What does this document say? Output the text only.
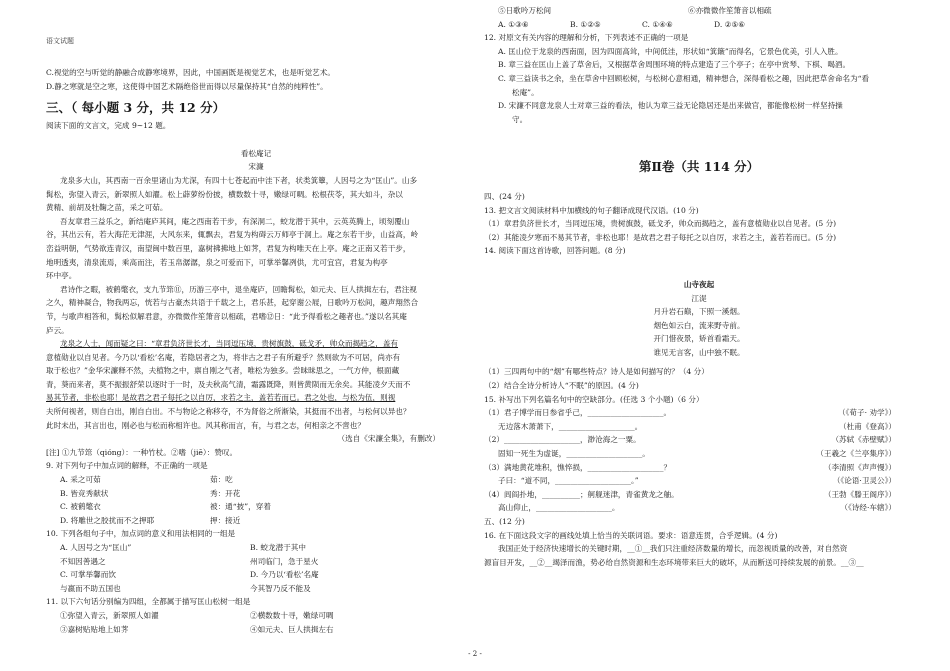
语文试题
C.视觉的空与听觉的静融合成静寒境界，因此，中国画既是视觉艺术，也是听觉艺术。
D.静之寒就是空之寒，这使得中国艺术隔绝俗世而得以尽量保持其“自然的纯粹性”。
三、（ 每小题 3 分，共 12 分）
阅读下面的文言文，完成 9~12 题。
看松庵记
宋濂
龙泉多大山，其西南一百余里诸山为尤深，有四十七苍起而中洼下者，状类箕簟，人因号之为“匡山”。山多
髯松，弥望入青云，新翠照人如濯。松上薜萝纷份披，横数数十寻，嫩绿可啁。松根茯苓，其大如斗，杂以
黄精、前胡及牡鞠之苗，采之可茹。
吾友章君三益乐之，新结庵庐其间，庵之西南若干步，有深洞二，蛟龙潜于其中，云英英腾上，顷刻覆山
谷，其出云有，若大海茫无津涯，大风东来，辄飘去，君复为构碍云万师亭于洞上。庵之东若干步，山益高，岭
峦益明朝，气势欲连青汉，南望闽中数百里，嘉树拂拂地上如荠，君复为构唯天在上亭。庵之正南又若干步，
地明透夷，清泉流焉，乘高而注，若玉帛潺潺，泉之可爱而下，可掌举馨冽供，尤可宜宫，君复为构亭
环中亭。
君诗作之暇，被鹤氅衣，支九节筇⑪，历游三亭中，退坐庵庐，回瞻髯松，如元夫、巨人拱揖左右，君注视
之久，精神凝合，物我两忘，恍若与古豪杰共语于千载之上，君乐甚，起穿谢公屐，日歌吟万松间，趣声翔然合
节，与歌声相答和，髯松似解君意，亦微微作笙箫音以相疏，君嗜⑫日：“此予得看松之趣者也。”遂以名其庵
庐云。
龙泉之人士，闻而疑之曰：“章君负济世长才，当同逗压境，贵树旗鼓，砥戈矛，帅众而揭趋之，盖有
意植勋业以自见者。今乃以‘看松’名庵，若隐居者之为，将非古之君子有所避乎？然则欲为不可居，尚亦有
取于松也？”金华宋濂释不然，夫植物之中，禀自刚之气者，唯松为独多。尝昧昧思之，一气方仲，根面藏
青，葵而来者，莫不振振舒荣以逐时于一时，及夫秋高气清，霜露既降，则皆黄陨而无余矣。其能凌夕天而不
易其节者，非松也耶！是故君之君子每托之以自厉，求若之主，盖若若而已。君之处也，与松为伍，则视
夫所何视者，则自白出，刚自白出。不与物论之称移夺，不为肾俗之所渐染，其挺而不出者，与松何以异也？
此时未出，其言出也，刚必也与松而称相许也。风其称而言，有，与君之志，何相亲之不啻也？
（选自《宋濂全集》，有删改）
[注] ①九节筇（qióng）：一种竹杖。②嗜（jiē）：赞叹。
9. 对下列句子中加点词的解释，不正确的一项是
A. 采之可茹	茹：吃
B. 皆竞秀献状	秀：开花
C. 被鹤氅衣	被：通“披”，穿着
D. 将雕世之胶扰而不之押耶	押：接近
10. 下列各组句子中，加点词的意义和用法相同的一组是
A. 人因号之为“匡山”	B. 蛟龙潜于其中
不知因善遇之	州司临门，急于星火
C. 可掌举馨而饮	D. 今乃以‘看松’名庵
与嬴而不助五国也	今其智乃反不能及
11. 以下六句话分别编为四组，全都属于描写匡山松树一组是
①弥望入青云，新翠照人如濯	②横数数十寻，嫩绿可啁
③嘉树贴贴地上如荠	④如元夫、巨人拱揖左右
⑤日歌吟万松间	⑥亦微微作笙箫音以相疏
A. ①③⑥	B. ①②⑤	C. ①④⑥	D. ②⑤⑥
12. 对原文有关内容的理解和分析，下列表述不正确的一项是
A. 匡山位于龙泉的西南面，因为四面高耸，中间低洼，形状如“箕簸”而得名，它景色优美，引人入胜。
B. 章三益在匡山上盖了草舍后，又根据草舍周围环境的特点建造了三个亭子；在亭中赏琴、下棋、喝酒。
C. 章三益读书之余，坐在草舍中回顾松树，与松树心意相通，精神想合，深得看松之趣，因此把草舍命名为“看
松庵”。
D. 宋濂不同意龙泉人士对章三益的看法，他认为章三益无论隐居还是出来做官，都能像松树一样坚持操
守。
第Ⅱ卷（共 114 分）
四、(24 分)
13. 把文言文阅读材料中加横线的句子翻译成现代汉语。(10 分)
（1）章君负济世长才，当同逗压境，贵树旗鼓，砥戈矛，帅众而揭趋之，盖有意植勋业以自见者。(5 分)
（2）其能凌夕寒而不易其节者，非松也耶！是故君之君子每托之以自厉，求若之主，盖若若而已。(5 分)
14. 阅读下面这首诗歌，回答问题。(8 分)
山寺夜起
江湜
月升岩石巅，下照一溪烟。
烟色如云白，流来野寺前。
开门惜夜景，矫首看霜天。
谁见无言客，山中独不眠。
（1）三四两句中的“烟”有哪些特点？诗人是如何描写的？（4 分）
（2）结合全诗分析诗人“不眠”的原因。(4 分)
15. 补写出下列名篇名句中的空缺部分。(任选 3 个小题)（6 分）
（1）君子博学而日参省乎己，____________________。	（《荀子· 劝学》）
无边落木萧萧下，____________________。	（杜甫《登高》）
（2）____________________，渺沧海之一粟。	（苏轼《赤壁赋》）
固知一死生为虚诞，____________________。	（王羲之《兰亭集序》）
（3）满地黄花堆积，憔悴损，____________________？	（李清照《声声慢》）
子曰：“道不同，____________________。”	（《论语·卫灵公》）
（4）闾阎扑地，__________；舸舰迷津，青雀黄龙之舳。	（王勃《滕王阁序》）
高山仰止，____________________。	（《诗经·车辖》）
五、(12 分)
16. 在下面这段文字的画线处填上恰当的关联词语。要求：语意连贯，合乎逻辑。(4 分)
我国正处于经济快速增长的关键时期，__①__我们只注重经济数量的增长，而忽视质量的改善，对自然资
源盲目开发，__②__竭泽而渔，势必给自然资源和生态环境带来巨大的破坏，从而断送可持续发展的前景。__③__
- 2 -
